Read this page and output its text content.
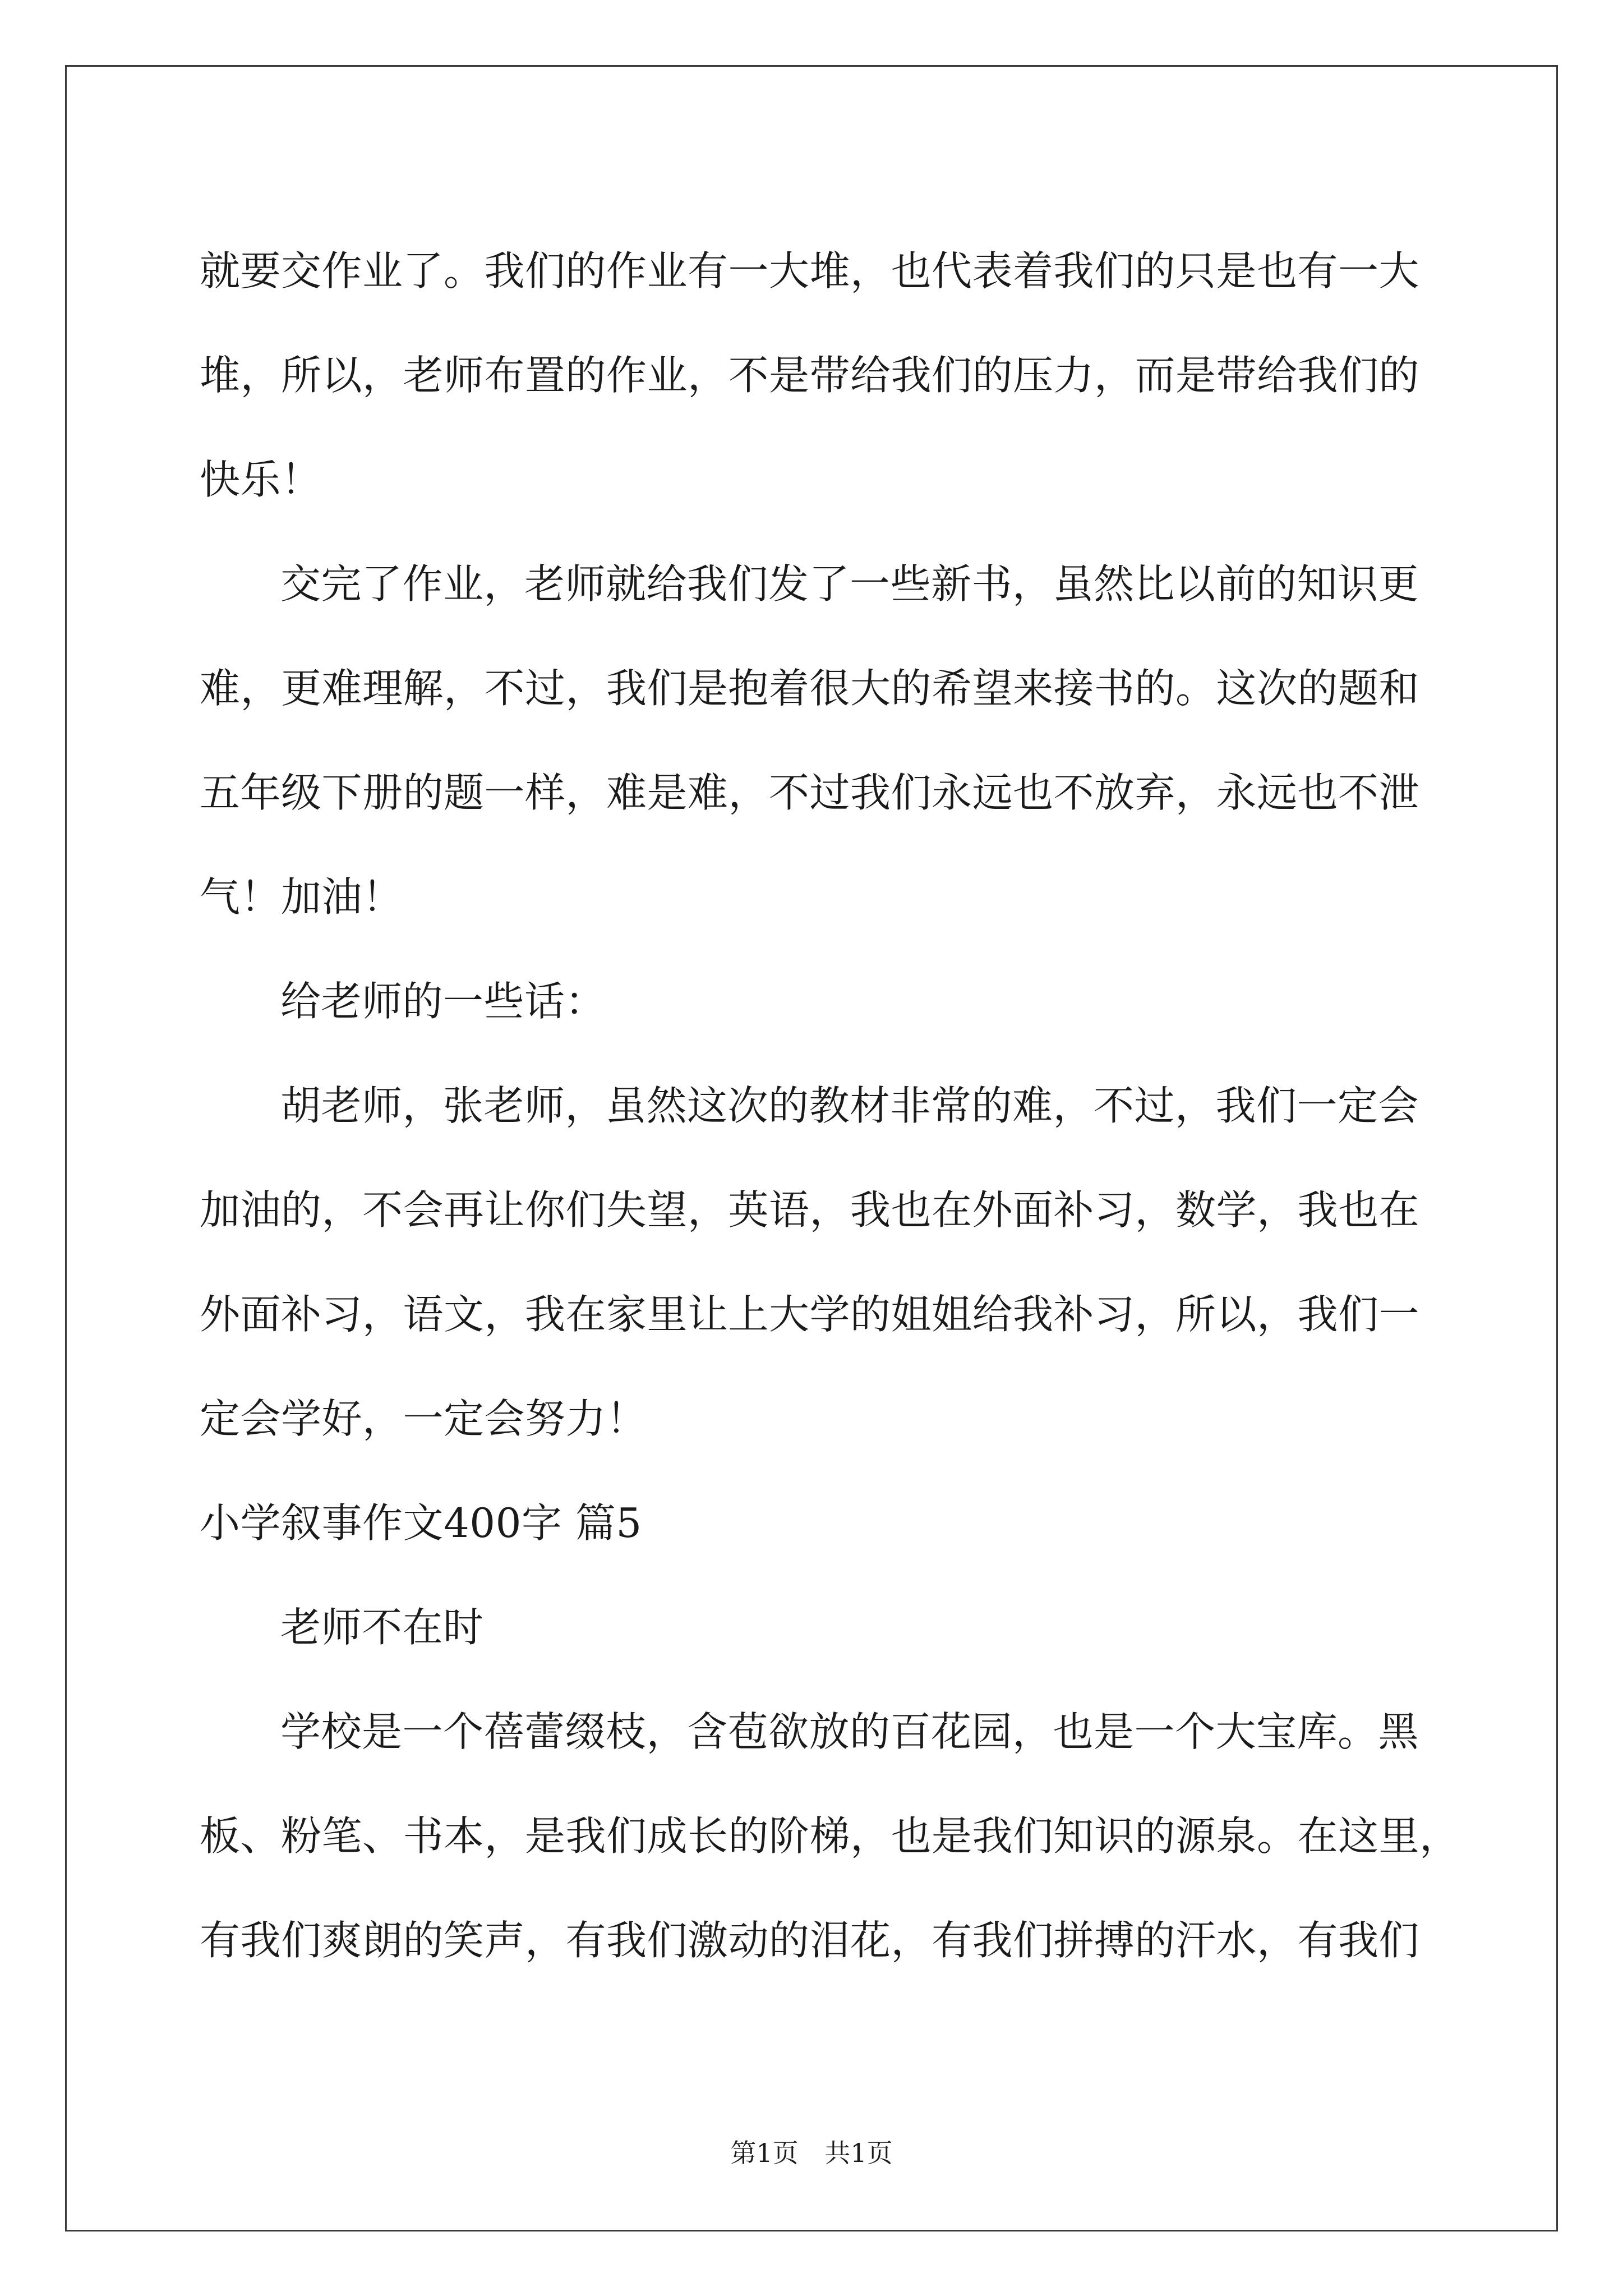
就要交作业了。我们的作业有一大堆，也代表着我们的只是也有一大
堆，所以，老师布置的作业，不是带给我们的压力，而是带给我们的
快乐！
交完了作业，老师就给我们发了一些新书，虽然比以前的知识更
难，更难理解，不过，我们是抱着很大的希望来接书的。这次的题和
五年级下册的题一样，难是难，不过我们永远也不放弃，永远也不泄
气！加油！
给老师的一些话：
胡老师，张老师，虽然这次的教材非常的难，不过，我们一定会
加油的，不会再让你们失望，英语，我也在外面补习，数学，我也在
外面补习，语文，我在家里让上大学的姐姐给我补习，所以，我们一
定会学好，一定会努力！
小学叙事作文400字 篇5
老师不在时
学校是一个蓓蕾缀枝，含苞欲放的百花园，也是一个大宝库。黑
板、粉笔、书本，是我们成长的阶梯，也是我们知识的源泉。在这里，
有我们爽朗的笑声，有我们激动的泪花，有我们拼搏的汗水，有我们
第1页 共1页
